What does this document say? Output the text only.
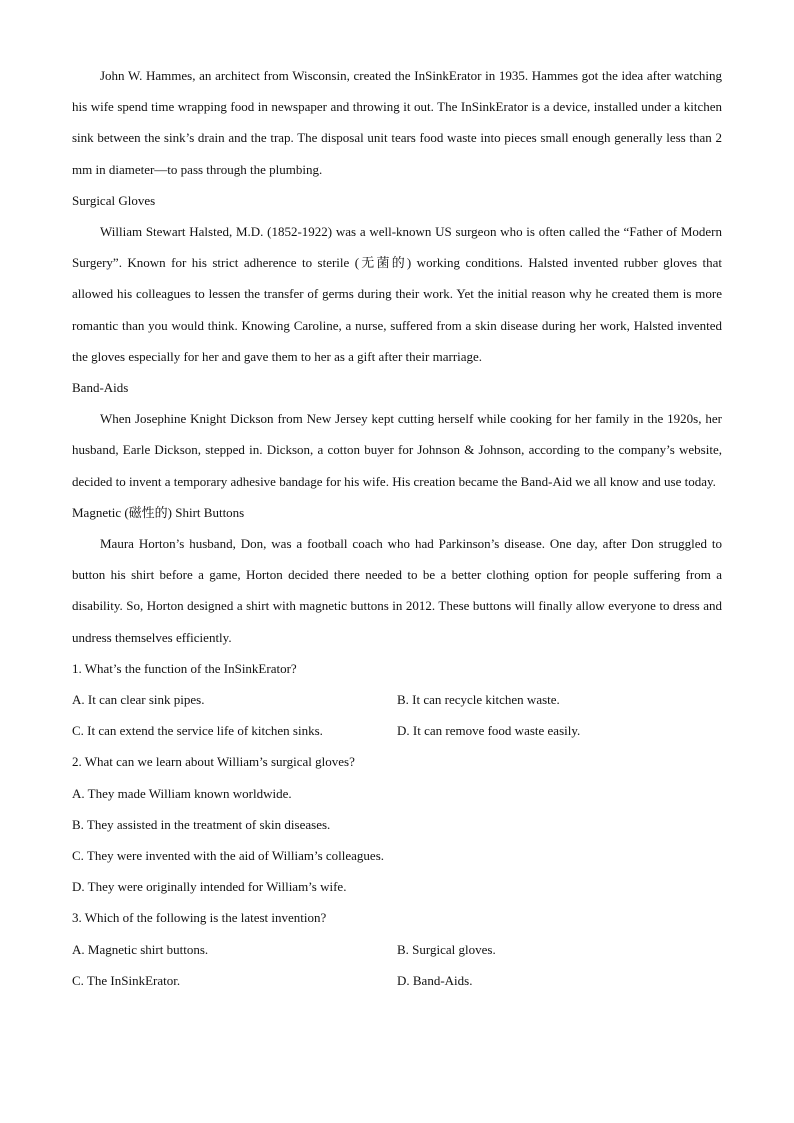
John W. Hammes, an architect from Wisconsin, created the InSinkErator in 1935. Hammes got the idea after watching his wife spend time wrapping food in newspaper and throwing it out. The InSinkErator is a device, installed under a kitchen sink between the sink’s drain and the trap. The disposal unit tears food waste into pieces small enough generally less than 2 mm in diameter—to pass through the plumbing.

Surgical Gloves

William Stewart Halsted, M.D. (1852-1922) was a well-known US surgeon who is often called the “Father of Modern Surgery”. Known for his strict adherence to sterile (无菌的) working conditions. Halsted invented rubber gloves that allowed his colleagues to lessen the transfer of germs during their work. Yet the initial reason why he created them is more romantic than you would think. Knowing Caroline, a nurse, suffered from a skin disease during her work, Halsted invented the gloves especially for her and gave them to her as a gift after their marriage.

Band-Aids

When Josephine Knight Dickson from New Jersey kept cutting herself while cooking for her family in the 1920s, her husband, Earle Dickson, stepped in. Dickson, a cotton buyer for Johnson & Johnson, according to the company’s website, decided to invent a temporary adhesive bandage for his wife. His creation became the Band-Aid we all know and use today.

Magnetic (磁性的) Shirt Buttons

Maura Horton’s husband, Don, was a football coach who had Parkinson’s disease. One day, after Don struggled to button his shirt before a game, Horton decided there needed to be a better clothing option for people suffering from a disability. So, Horton designed a shirt with magnetic buttons in 2012. These buttons will finally allow everyone to dress and undress themselves efficiently.

1. What’s the function of the InSinkErator?

A. It can clear sink pipes.	B. It can recycle kitchen waste.
C. It can extend the service life of kitchen sinks.	D. It can remove food waste easily.

2. What can we learn about William’s surgical gloves?

A. They made William known worldwide.

B. They assisted in the treatment of skin diseases.

C. They were invented with the aid of William’s colleagues.

D. They were originally intended for William’s wife.

3. Which of the following is the latest invention?

A. Magnetic shirt buttons.	B. Surgical gloves.
C. The InSinkErator.	D. Band-Aids.
